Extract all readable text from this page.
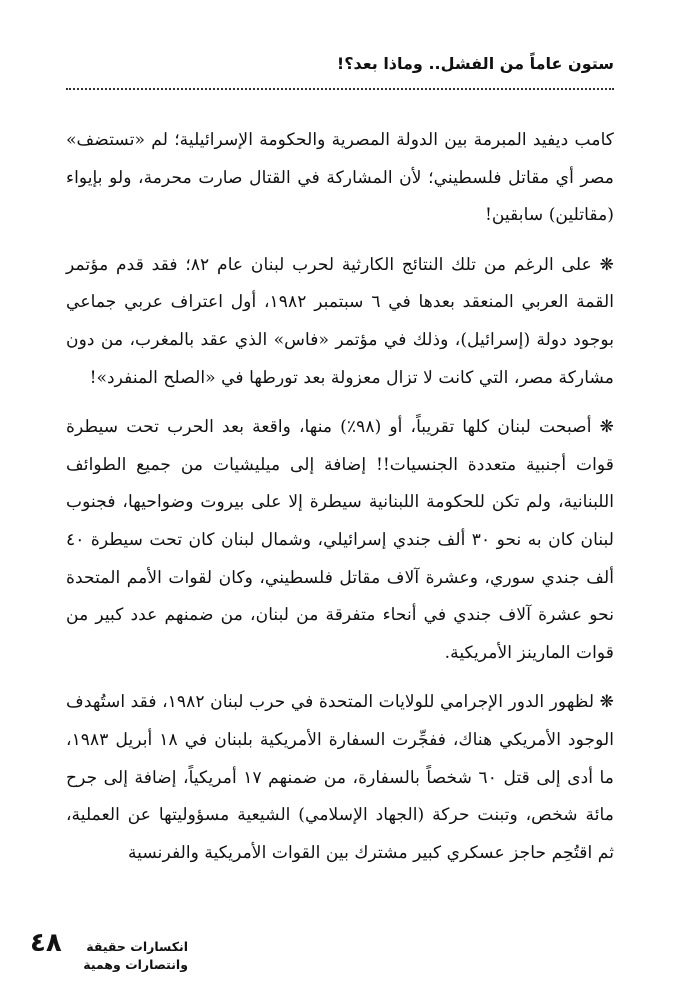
ستون عاماً من الفشل.. وماذا بعد؟!

كامب ديفيد المبرمة بين الدولة المصرية والحكومة الإسرائيلية؛ لم «تستضف» مصر أي مقاتل فلسطيني؛ لأن المشاركة في القتال صارت محرمة، ولو بإيواء (مقاتلين) سابقين!

❋ على الرغم من تلك النتائج الكارثية لحرب لبنان عام ٨٢؛ فقد قدم مؤتمر القمة العربي المنعقد بعدها في ٦ سبتمبر ١٩٨٢، أول اعتراف عربي جماعي بوجود دولة (إسرائيل)، وذلك في مؤتمر «فاس» الذي عقد بالمغرب، من دون مشاركة مصر، التي كانت لا تزال معزولة بعد تورطها في «الصلح المنفرد»!

❋ أصبحت لبنان كلها تقريباً، أو (٩٨٪) منها، واقعة بعد الحرب تحت سيطرة قوات أجنبية متعددة الجنسيات!! إضافة إلى ميليشيات من جميع الطوائف اللبنانية، ولم تكن للحكومة اللبنانية سيطرة إلا على بيروت وضواحيها، فجنوب لبنان كان به نحو ٣٠ ألف جندي إسرائيلي، وشمال لبنان كان تحت سيطرة ٤٠ ألف جندي سوري، وعشرة آلاف مقاتل فلسطيني، وكان لقوات الأمم المتحدة نحو عشرة آلاف جندي في أنحاء متفرقة من لبنان، من ضمنهم عدد كبير من قوات المارينز الأمريكية.

❋ لظهور الدور الإجرامي للولايات المتحدة في حرب لبنان ١٩٨٢، فقد استُهدف الوجود الأمريكي هناك، ففجِّرت السفارة الأمريكية بلبنان في ١٨ أبريل ١٩٨٣، ما أدى إلى قتل ٦٠ شخصاً بالسفارة، من ضمنهم ١٧ أمريكياً، إضافة إلى جرح مائة شخص، وتبنت حركة (الجهاد الإسلامي) الشيعية مسؤوليتها عن العملية، ثم اقتُحِم حاجز عسكري كبير مشترك بين القوات الأمريكية والفرنسية

٤٨	انكسارات حقيقة
وانتصارات وهمية
